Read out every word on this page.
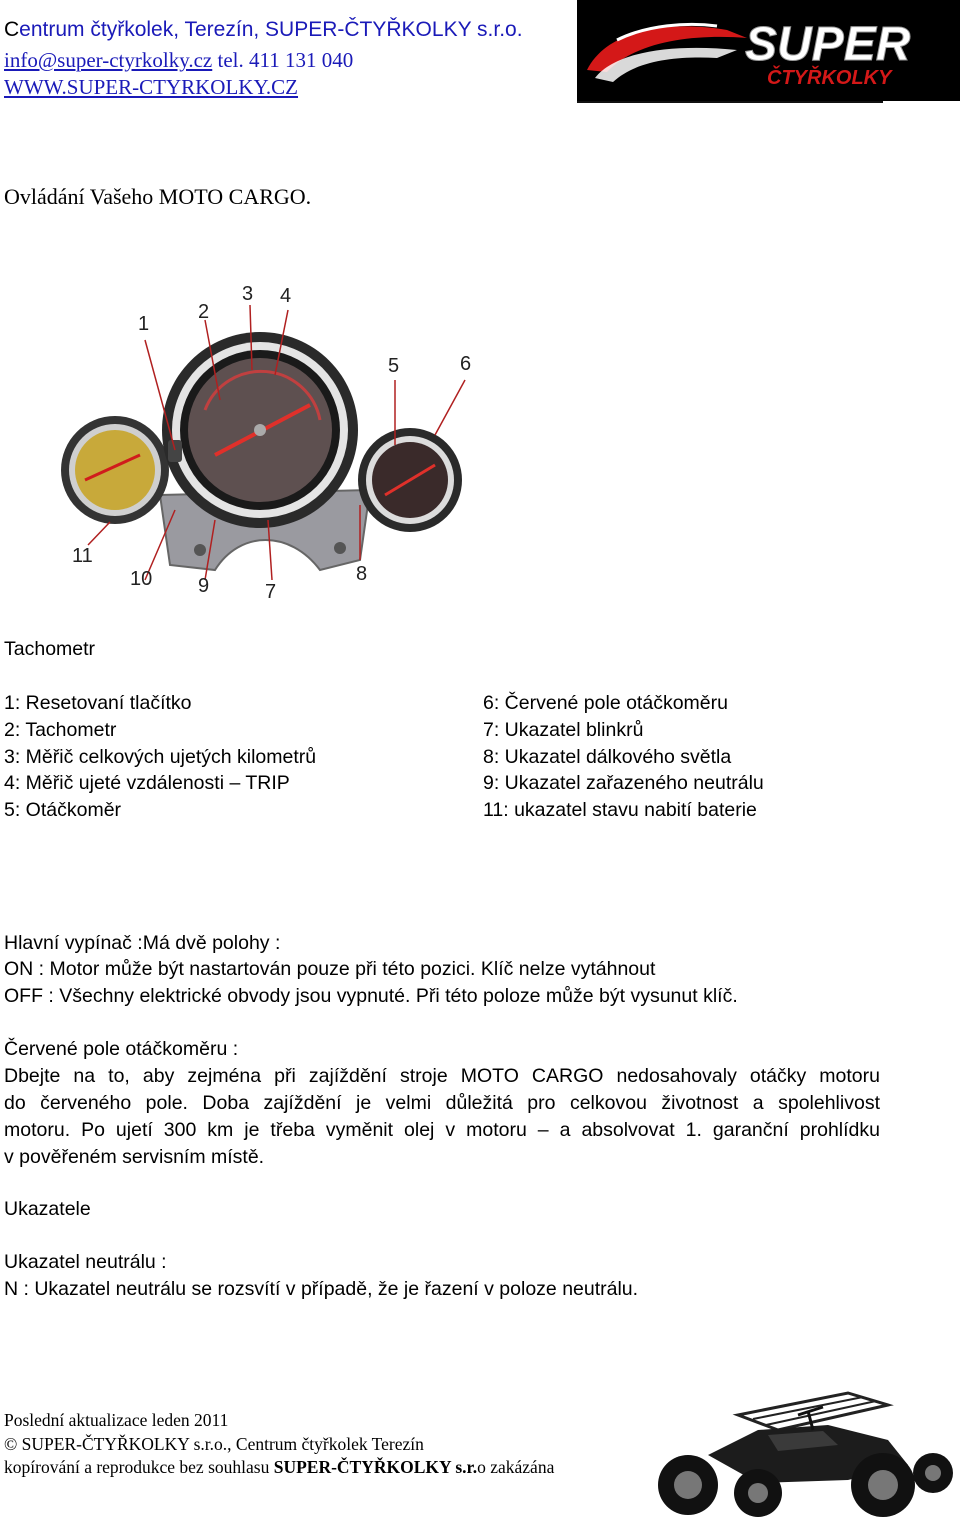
Centrum čtyřkolek, Terezín, SUPER-ČTYŘKOLKY s.r.o.
info@super-ctyrkolky.cz tel. 411 131 040
WWW.SUPER-CTYRKOLKY.CZ
SUPER
ČTYŘKOLKY
Ovládání Vašeho MOTO CARGO.
1
2
3 4
5	6
7
8
9
10
11
Tachometr
1: Resetovaní tlačítko
2: Tachometr
3: Měřič celkových ujetých kilometrů
4: Měřič ujeté vzdálenosti – TRIP
5: Otáčkoměr
6: Červené pole otáčkoměru
7: Ukazatel blinkrů
8: Ukazatel dálkového světla
9: Ukazatel zařazeného neutrálu
11: ukazatel stavu nabití baterie
Hlavní vypínač :Má dvě polohy :
ON : Motor může být nastartován pouze při této pozici. Klíč nelze vytáhnout
OFF : Všechny elektrické obvody jsou vypnuté. Při této poloze může být vysunut klíč.
Červené pole otáčkoměru :
Dbejte na to, aby zejména při zajíždění stroje MOTO CARGO nedosahovaly otáčky motoru
do červeného pole. Doba zajíždění je velmi důležitá pro celkovou životnost a spolehlivost
motoru. Po ujetí 300 km je třeba vyměnit olej v motoru – a absolvovat 1. garanční prohlídku
v pověřeném servisním místě.
Ukazatele
Ukazatel neutrálu :
N : Ukazatel neutrálu se rozsvítí v případě, že je řazení v poloze neutrálu.
Poslední aktualizace leden 2011
© SUPER-ČTYŘKOLKY s.r.o., Centrum čtyřkolek Terezín
kopírování a reprodukce bez souhlasu SUPER-ČTYŘKOLKY s.r.o zakázána
